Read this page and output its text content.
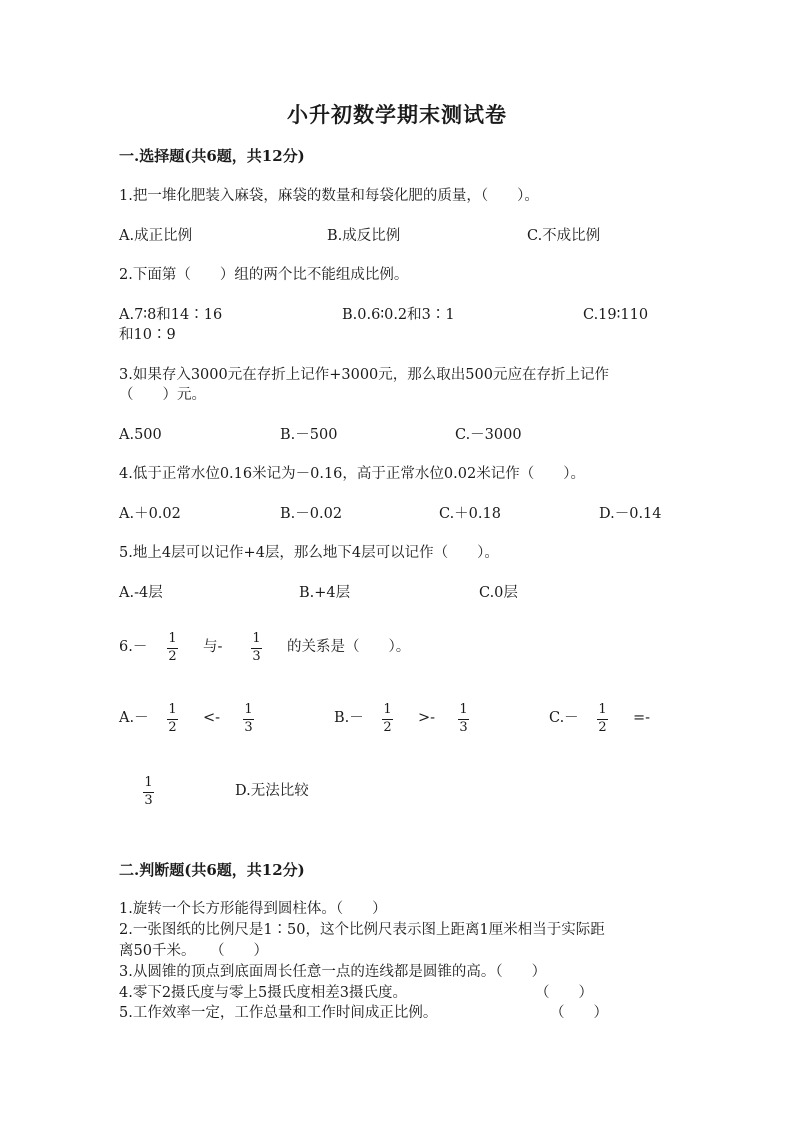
小升初数学期末测试卷
一.选择题(共6题，共12分)
1.把一堆化肥装入麻袋，麻袋的数量和每袋化肥的质量，（　　）。
A.成正比例	B.成反比例	C.不成比例
2.下面第（　　）组的两个比不能组成比例。
A.7∶8和14∶16	B.0.6∶0.2和3∶1	C.19∶110
和10∶9
3.如果存入3000元在存折上记作+3000元，那么取出500元应在存折上记作
（　　）元。
A.500	B.－500	C.－3000
4.低于正常水位0.16米记为－0.16，高于正常水位0.02米记作（　　）。
A.＋0.02	B.－0.02	C.＋0.18	D.－0.14
5.地上4层可以记作+4层，那么地下4层可以记作（　　）。
A.-4层	B.+4层	C.0层
6.－
1
2
与-
1
3
的关系是（　　）。
A.－
1
2
<-
1
3
B.－
1
2
>-
1
3
C.－
1
2
=-
1
3
D.无法比较
二.判断题(共6题，共12分)
1.旋转一个长方形能得到圆柱体。（　　）
2.一张图纸的比例尺是1∶50，这个比例尺表示图上距离1厘米相当于实际距
离50千米。　　（　　）
3.从圆锥的顶点到底面周长任意一点的连线都是圆锥的高。（　　）
4.零下2摄氏度与零上5摄氏度相差3摄氏度。	（　　）
5.工作效率一定，工作总量和工作时间成正比例。	（　　）
